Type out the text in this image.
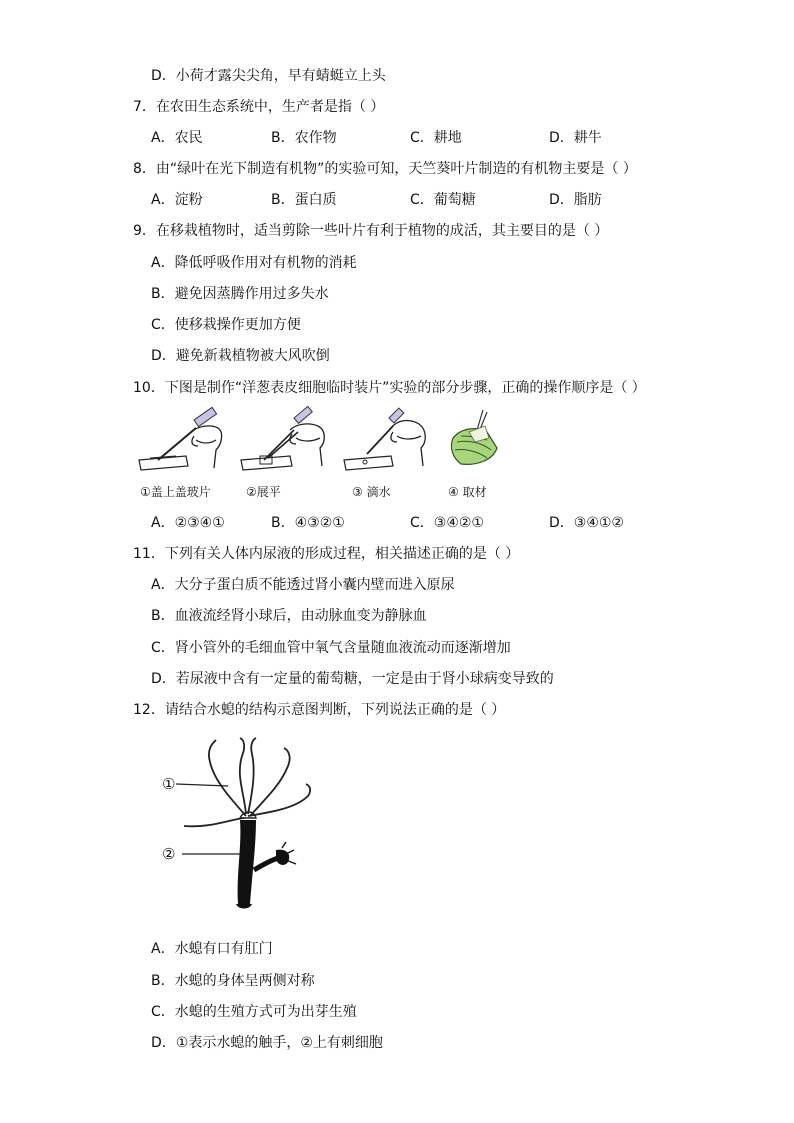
D．小荷才露尖尖角，早有蜻蜓立上头
7．在农田生态系统中，生产者是指（ ）
A．农民	B．农作物	C．耕地	D．耕牛
8．由“绿叶在光下制造有机物”的实验可知，天竺葵叶片制造的有机物主要是（ ）
A．淀粉	B．蛋白质	C．葡萄糖	D．脂肪
9．在移栽植物时，适当剪除一些叶片有利于植物的成活，其主要目的是（ ）
A．降低呼吸作用对有机物的消耗
B．避免因蒸腾作用过多失水
C．使移栽操作更加方便
D．避免新栽植物被大风吹倒
10．下图是制作“洋葱表皮细胞临时装片”实验的部分步骤，正确的操作顺序是（ ）
①盖上盖玻片	②展平	③ 滴水	④ 取材
A．②③④①	B．④③②①	C．③④②①	D．③④①②
11．下列有关人体内尿液的形成过程，相关描述正确的是（ ）
A．大分子蛋白质不能透过肾小囊内壁而进入原尿
B．血液流经肾小球后，由动脉血变为静脉血
C．肾小管外的毛细血管中氧气含量随血液流动而逐渐增加
D．若尿液中含有一定量的葡萄糖，一定是由于肾小球病变导致的
12．请结合水螅的结构示意图判断，下列说法正确的是（ ）
①
②
A．水螅有口有肛门
B．水螅的身体呈两侧对称
C．水螅的生殖方式可为出芽生殖
D．①表示水螅的触手，②上有刺细胞
